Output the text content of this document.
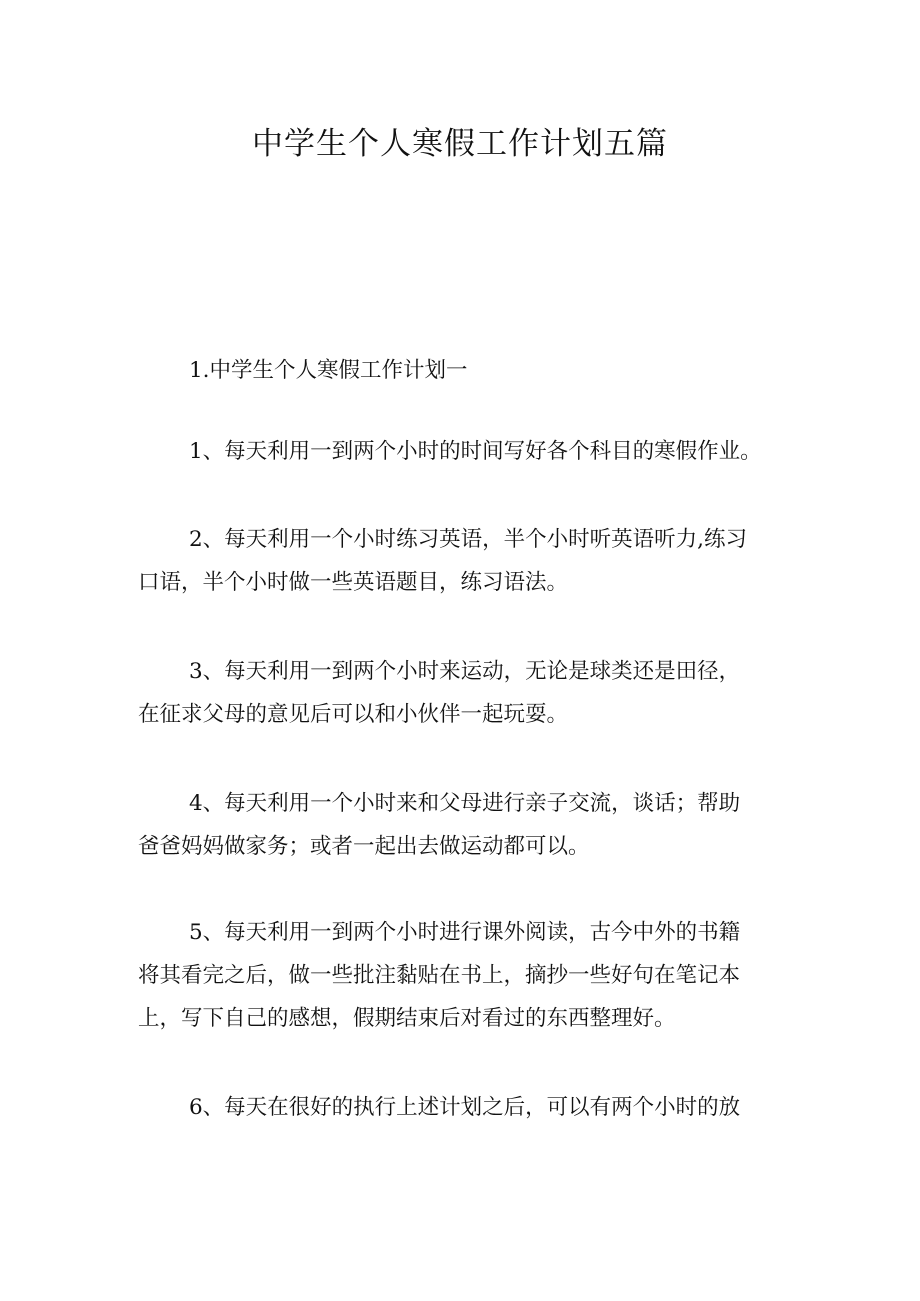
中学生个人寒假工作计划五篇

1.中学生个人寒假工作计划一

1、每天利用一到两个小时的时间写好各个科目的寒假作业。

2、每天利用一个小时练习英语，半个小时听英语听力,练习
口语，半个小时做一些英语题目，练习语法。

3、每天利用一到两个小时来运动，无论是球类还是田径，
在征求父母的意见后可以和小伙伴一起玩耍。

4、每天利用一个小时来和父母进行亲子交流，谈话；帮助
爸爸妈妈做家务；或者一起出去做运动都可以。

5、每天利用一到两个小时进行课外阅读，古今中外的书籍
将其看完之后，做一些批注黏贴在书上，摘抄一些好句在笔记本
上，写下自己的感想，假期结束后对看过的东西整理好。

6、每天在很好的执行上述计划之后，可以有两个小时的放
